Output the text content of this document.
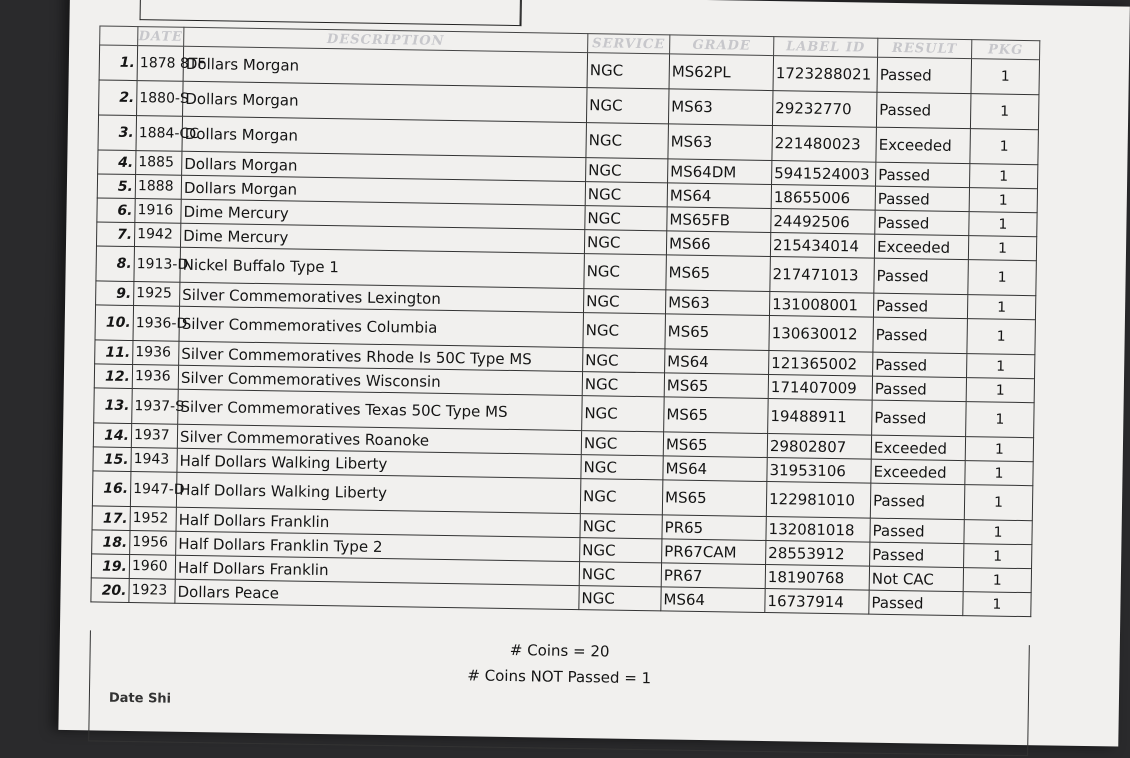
	DATE	DESCRIPTION	SERVICE	GRADE	LABEL ID	RESULT	PKG
1.	1878 8TF	Dollars Morgan	NGC	MS62PL	1723288021	Passed	1
2.	1880-S	Dollars Morgan	NGC	MS63	29232770	Passed	1
3.	1884-CC	Dollars Morgan	NGC	MS63	221480023	Exceeded	1
4.	1885	Dollars Morgan	NGC	MS64DM	5941524003	Passed	1
5.	1888	Dollars Morgan	NGC	MS64	18655006	Passed	1
6.	1916	Dime Mercury	NGC	MS65FB	24492506	Passed	1
7.	1942	Dime Mercury	NGC	MS66	215434014	Exceeded	1
8.	1913-D	Nickel Buffalo Type 1	NGC	MS65	217471013	Passed	1
9.	1925	Silver Commemoratives Lexington	NGC	MS63	131008001	Passed	1
10.	1936-D	Silver Commemoratives Columbia	NGC	MS65	130630012	Passed	1
11.	1936	Silver Commemoratives Rhode Is 50C Type MS	NGC	MS64	121365002	Passed	1
12.	1936	Silver Commemoratives Wisconsin	NGC	MS65	171407009	Passed	1
13.	1937-S	Silver Commemoratives Texas 50C Type MS	NGC	MS65	19488911	Passed	1
14.	1937	Silver Commemoratives Roanoke	NGC	MS65	29802807	Exceeded	1
15.	1943	Half Dollars Walking Liberty	NGC	MS64	31953106	Exceeded	1
16.	1947-D	Half Dollars Walking Liberty	NGC	MS65	122981010	Passed	1
17.	1952	Half Dollars Franklin	NGC	PR65	132081018	Passed	1
18.	1956	Half Dollars Franklin Type 2	NGC	PR67CAM	28553912	Passed	1
19.	1960	Half Dollars Franklin	NGC	PR67	18190768	Not CAC	1
20.	1923	Dollars Peace	NGC	MS64	16737914	Passed	1
# Coins = 20
# Coins NOT Passed = 1
Date Shi
